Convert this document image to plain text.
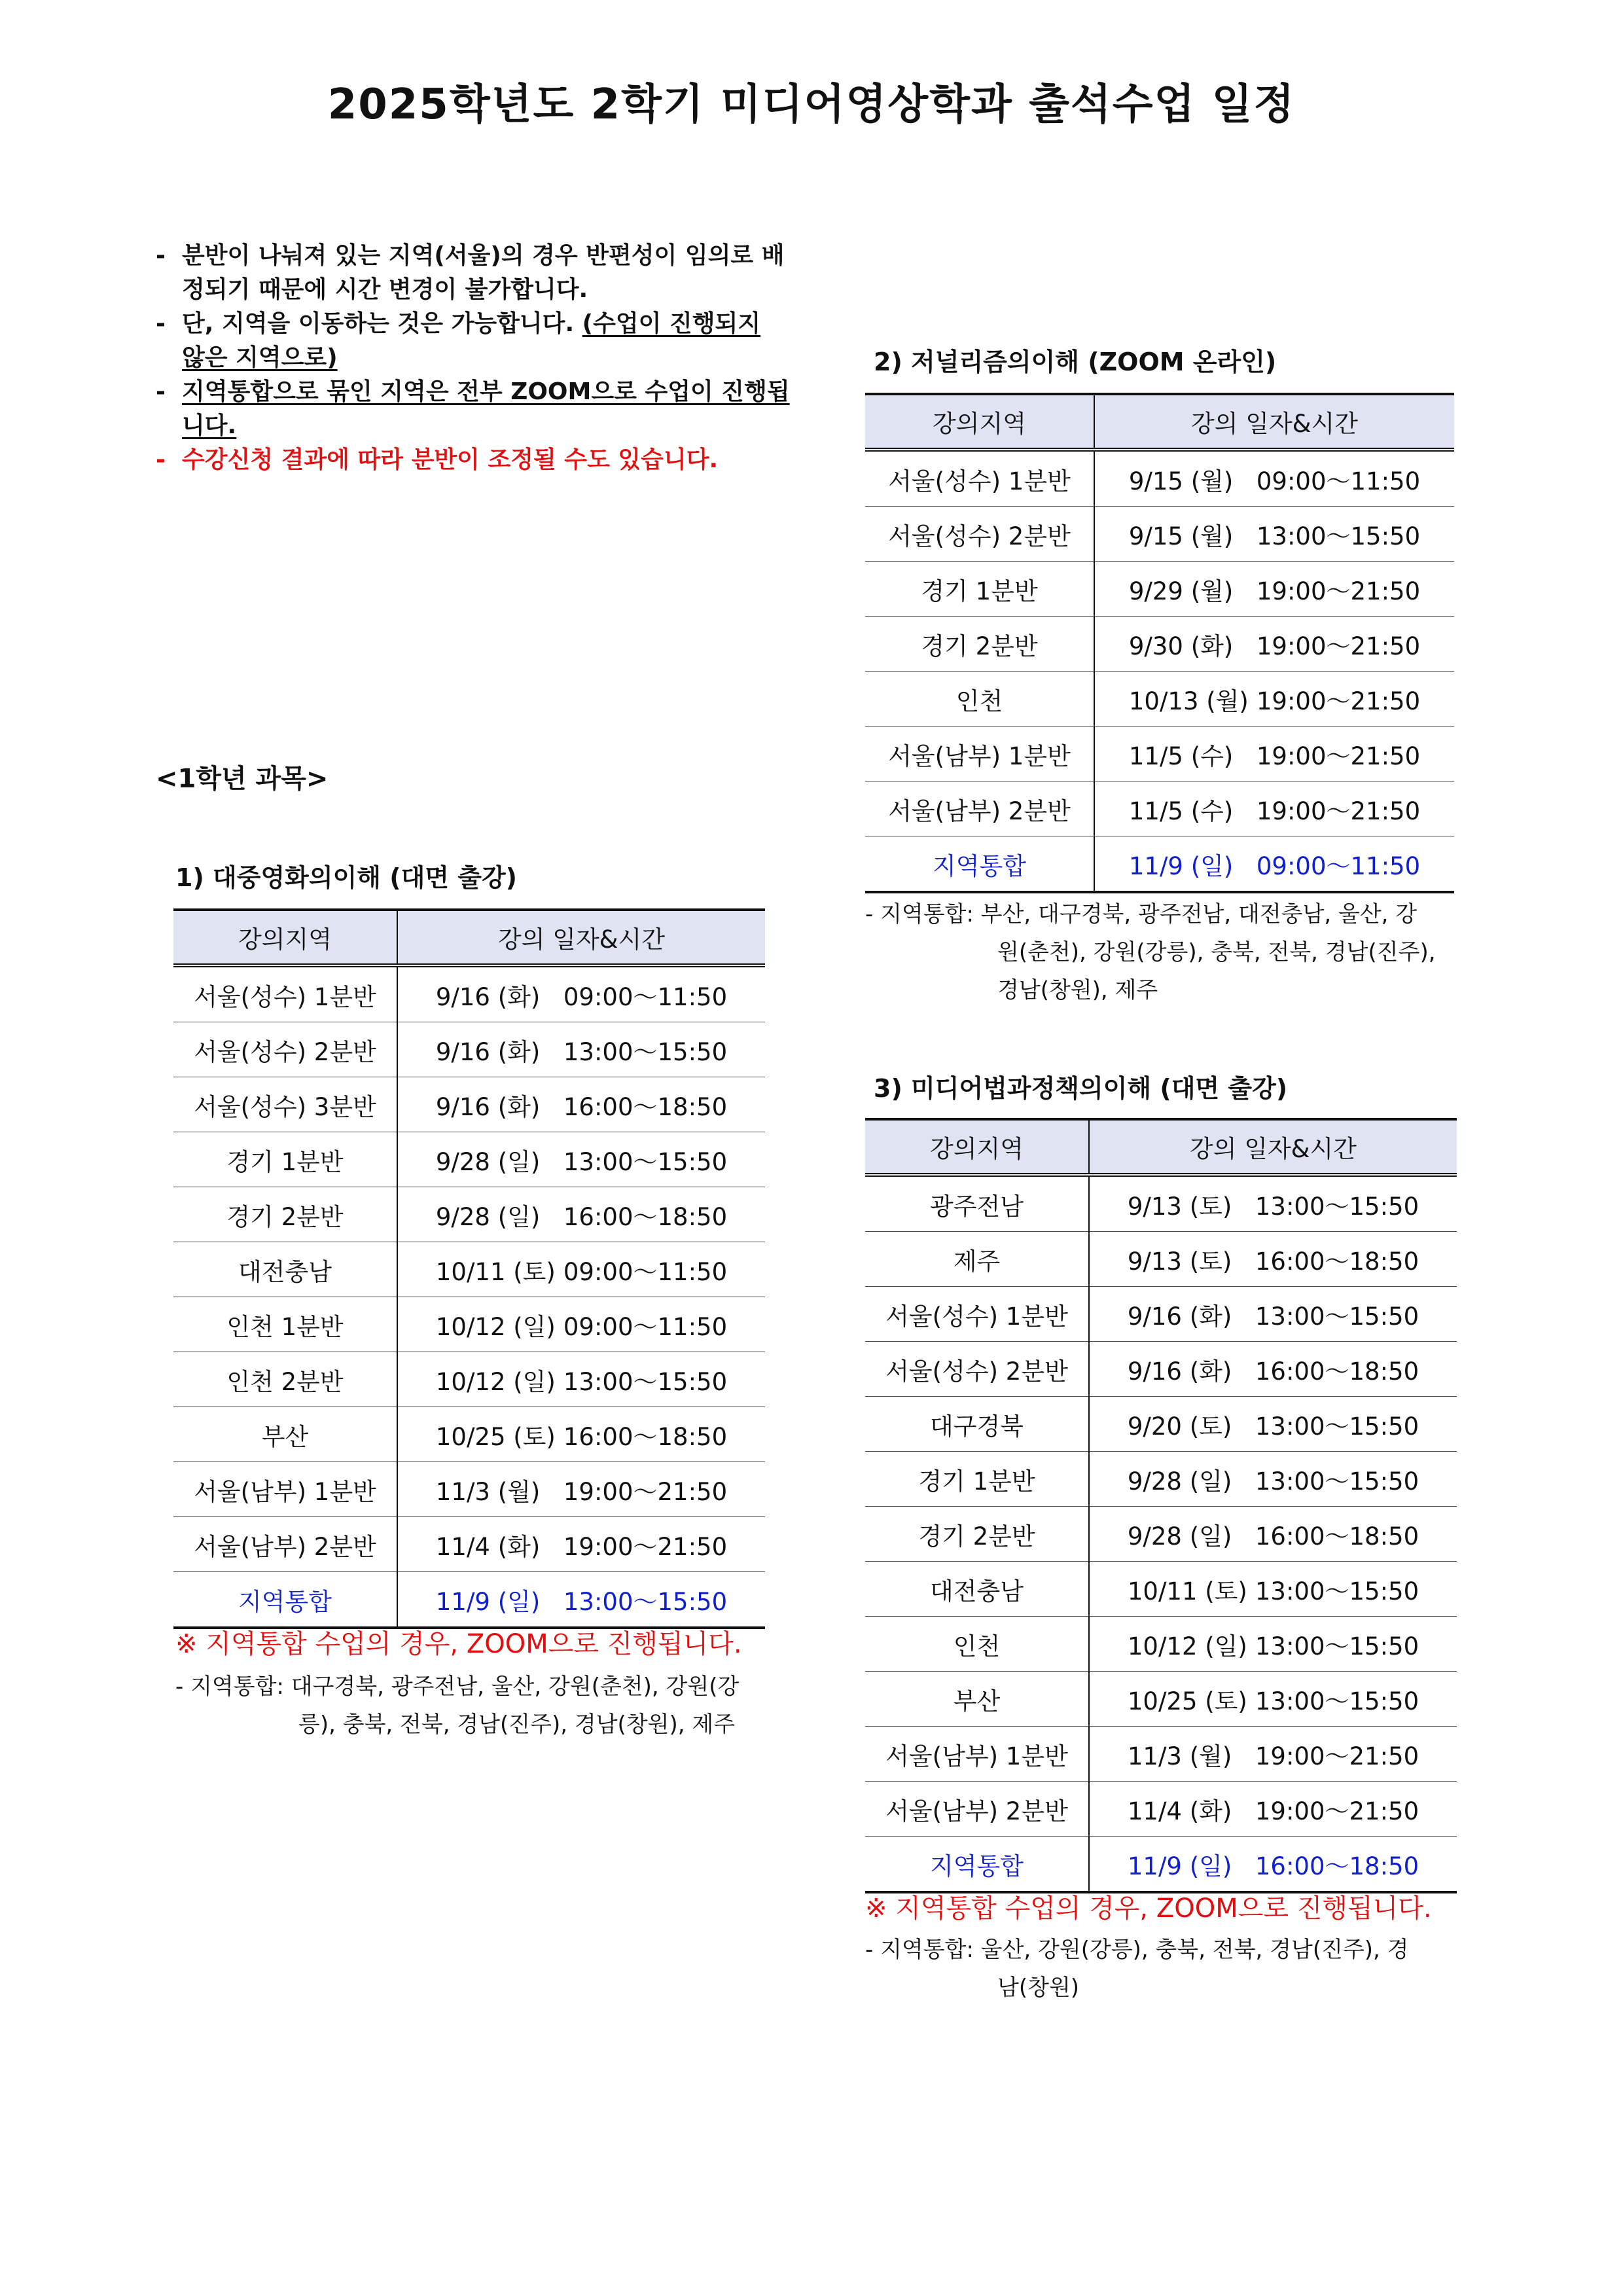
2025학년도 2학기 미디어영상학과 출석수업 일정

- 분반이 나눠져 있는 지역(서울)의 경우 반편성이 임의로 배정되기 때문에 시간 변경이 불가합니다.

- 단, 지역을 이동하는 것은 가능합니다. (수업이 진행되지 않은 지역으로)

- 지역통합으로 묶인 지역은 전부 ZOOM으로 수업이 진행됩니다.

- 수강신청 결과에 따라 분반이 조정될 수도 있습니다.

<1학년 과목>
1) 대중영화의이해 (대면 출강)
강의지역	강의 일자&시간
서울(성수) 1분반	9/16 (화) 09:00～11:50
서울(성수) 2분반	9/16 (화) 13:00～15:50
서울(성수) 3분반	9/16 (화) 16:00～18:50
경기 1분반	9/28 (일) 13:00～15:50
경기 2분반	9/28 (일) 16:00～18:50
대전충남	10/11 (토) 09:00～11:50
인천 1분반	10/12 (일) 09:00～11:50
인천 2분반	10/12 (일) 13:00～15:50
부산	10/25 (토) 16:00～18:50
서울(남부) 1분반	11/3 (월) 19:00～21:50
서울(남부) 2분반	11/4 (화) 19:00～21:50
지역통합	11/9 (일) 13:00～15:50
※ 지역통합 수업의 경우, ZOOM으로 진행됩니다.
- 지역통합: 대구경북, 광주전남, 울산, 강원(춘천), 강원(강
릉), 충북, 전북, 경남(진주), 경남(창원), 제주
2) 저널리즘의이해 (ZOOM 온라인)
강의지역	강의 일자&시간
서울(성수) 1분반	9/15 (월) 09:00～11:50
서울(성수) 2분반	9/15 (월) 13:00～15:50
경기 1분반	9/29 (월) 19:00～21:50
경기 2분반	9/30 (화) 19:00～21:50
인천	10/13 (월) 19:00～21:50
서울(남부) 1분반	11/5 (수) 19:00～21:50
서울(남부) 2분반	11/5 (수) 19:00～21:50
지역통합	11/9 (일) 09:00～11:50
- 지역통합: 부산, 대구경북, 광주전남, 대전충남, 울산, 강
원(춘천), 강원(강릉), 충북, 전북, 경남(진주),
경남(창원), 제주
3) 미디어법과정책의이해 (대면 출강)
강의지역	강의 일자&시간
광주전남	9/13 (토) 13:00～15:50
제주	9/13 (토) 16:00～18:50
서울(성수) 1분반	9/16 (화) 13:00～15:50
서울(성수) 2분반	9/16 (화) 16:00～18:50
대구경북	9/20 (토) 13:00～15:50
경기 1분반	9/28 (일) 13:00～15:50
경기 2분반	9/28 (일) 16:00～18:50
대전충남	10/11 (토) 13:00～15:50
인천	10/12 (일) 13:00～15:50
부산	10/25 (토) 13:00～15:50
서울(남부) 1분반	11/3 (월) 19:00～21:50
서울(남부) 2분반	11/4 (화) 19:00～21:50
지역통합	11/9 (일) 16:00～18:50
※ 지역통합 수업의 경우, ZOOM으로 진행됩니다.
- 지역통합: 울산, 강원(강릉), 충북, 전북, 경남(진주), 경
남(창원)
